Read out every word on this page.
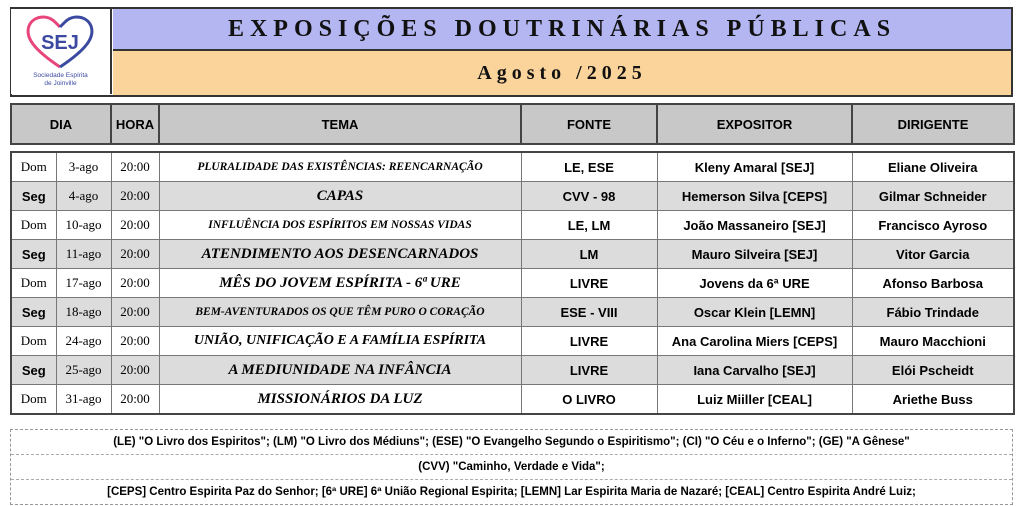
SEJ
Sociedade Espírita
de Joinville
EXPOSIÇÕES DOUTRINÁRIAS PÚBLICAS
Agosto /2025
DIA	HORA	TEMA	FONTE	EXPOSITOR	DIRIGENTE
Dom	3-ago	20:00	PLURALIDADE DAS EXISTÊNCIAS: REENCARNAÇÃO	LE, ESE	Kleny Amaral [SEJ]	Eliane Oliveira
Seg	4-ago	20:00	CAPAS	CVV - 98	Hemerson Silva [CEPS]	Gilmar Schneider
Dom	10-ago	20:00	INFLUÊNCIA DOS ESPÍRITOS EM NOSSAS VIDAS	LE, LM	João Massaneiro [SEJ]	Francisco Ayroso
Seg	11-ago	20:00	ATENDIMENTO AOS DESENCARNADOS	LM	Mauro Silveira [SEJ]	Vitor Garcia
Dom	17-ago	20:00	MÊS DO JOVEM ESPÍRITA - 6ª URE	LIVRE	Jovens da 6ª URE	Afonso Barbosa
Seg	18-ago	20:00	BEM-AVENTURADOS OS QUE TÊM PURO O CORAÇÃO	ESE - VIII	Oscar Klein [LEMN]	Fábio Trindade
Dom	24-ago	20:00	UNIÃO, UNIFICAÇÃO E A FAMÍLIA ESPÍRITA	LIVRE	Ana Carolina Miers [CEPS]	Mauro Macchioni
Seg	25-ago	20:00	A MEDIUNIDADE NA INFÂNCIA	LIVRE	Iana Carvalho [SEJ]	Elói Pscheidt
Dom	31-ago	20:00	MISSIONÁRIOS DA LUZ	O LIVRO	Luiz Miiller [CEAL]	Ariethe Buss
(LE) "O Livro dos Espiritos"; (LM) "O Livro dos Médiuns"; (ESE) "O Evangelho Segundo o Espiritismo"; (CI) "O Céu e o Inferno"; (GE) "A Gênese"
(CVV) "Caminho, Verdade e Vida";
[CEPS] Centro Espirita Paz do Senhor; [6ª URE] 6ª União Regional Espirita; [LEMN] Lar Espirita Maria de Nazaré; [CEAL] Centro Espirita André Luiz;
